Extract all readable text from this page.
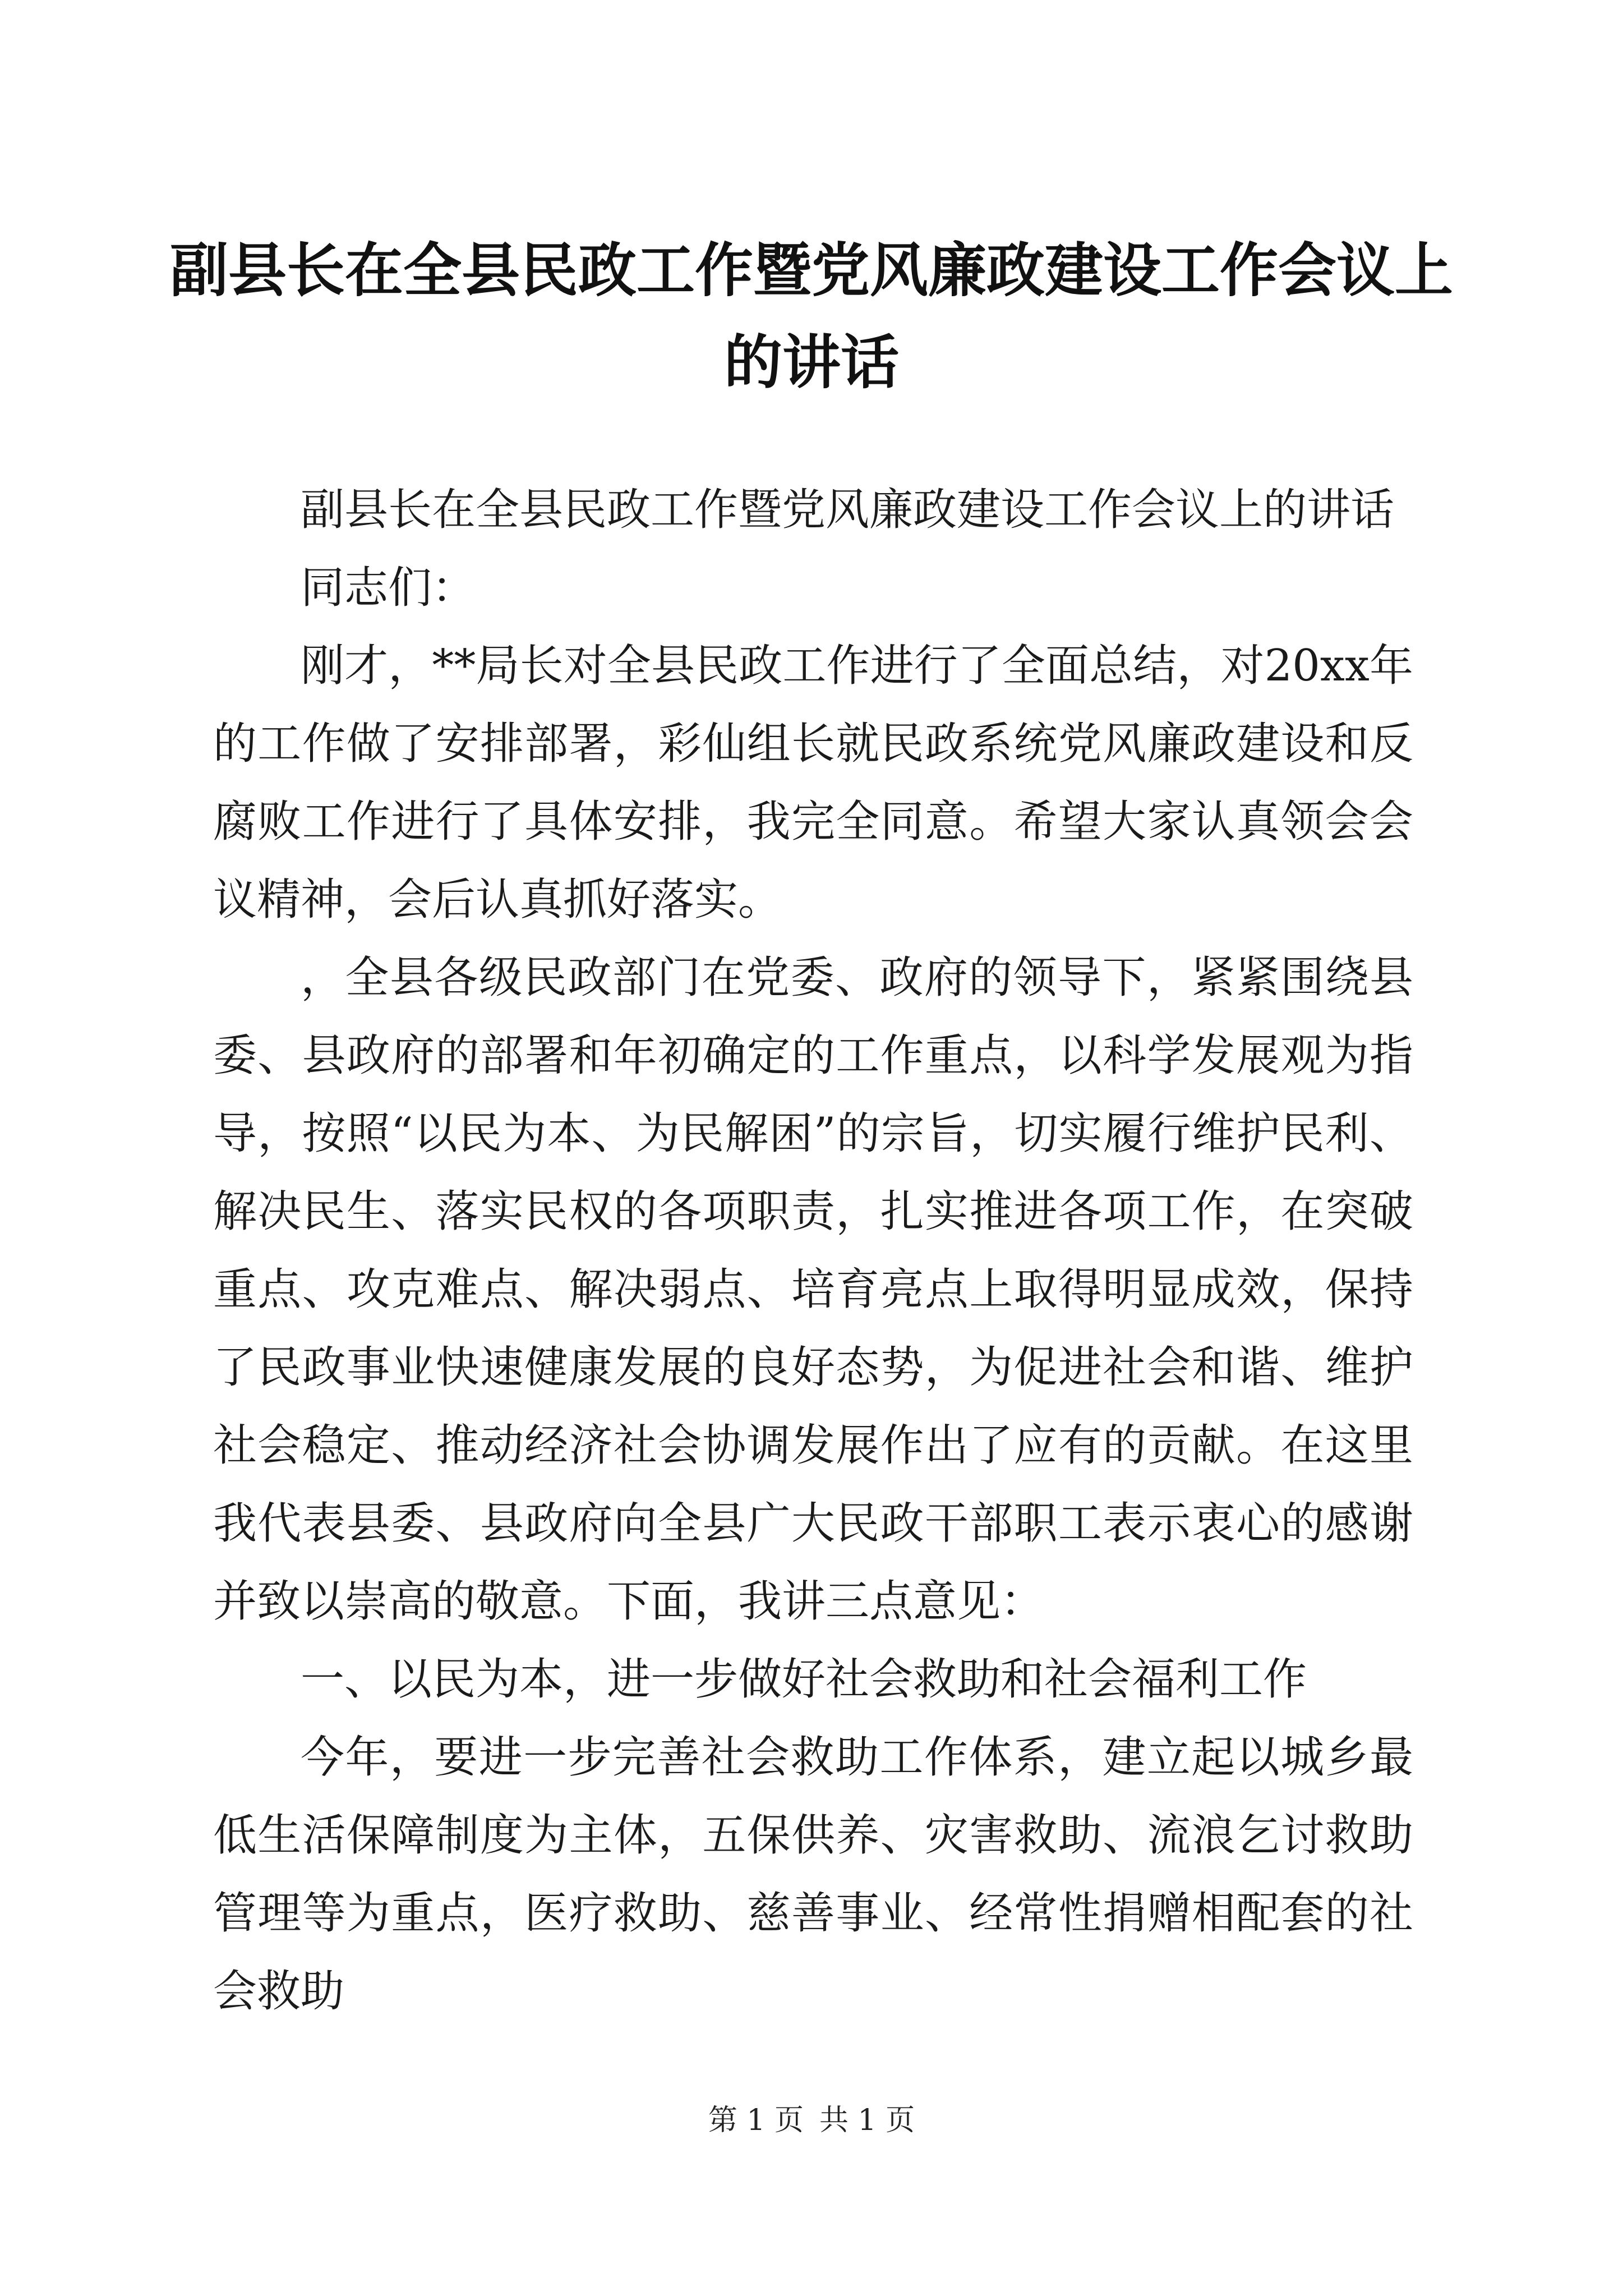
副县长在全县民政工作暨党风廉政建设工作会议上的讲话

副县长在全县民政工作暨党风廉政建设工作会议上的讲话

同志们：

刚才，**局长对全县民政工作进行了全面总结，对20xx年的工作做了安排部署，彩仙组长就民政系统党风廉政建设和反腐败工作进行了具体安排，我完全同意。希望大家认真领会会议精神，会后认真抓好落实。

，全县各级民政部门在党委、政府的领导下，紧紧围绕县委、县政府的部署和年初确定的工作重点，以科学发展观为指导，按照“以民为本、为民解困”的宗旨，切实履行维护民利、解决民生、落实民权的各项职责，扎实推进各项工作，在突破重点、攻克难点、解决弱点、培育亮点上取得明显成效，保持了民政事业快速健康发展的良好态势，为促进社会和谐、维护社会稳定、推动经济社会协调发展作出了应有的贡献。在这里我代表县委、县政府向全县广大民政干部职工表示衷心的感谢并致以崇高的敬意。下面，我讲三点意见：

一、以民为本，进一步做好社会救助和社会福利工作

今年，要进一步完善社会救助工作体系，建立起以城乡最低生活保障制度为主体，五保供养、灾害救助、流浪乞讨救助管理等为重点，医疗救助、慈善事业、经常性捐赠相配套的社会救助

第 1 页 共 1 页
